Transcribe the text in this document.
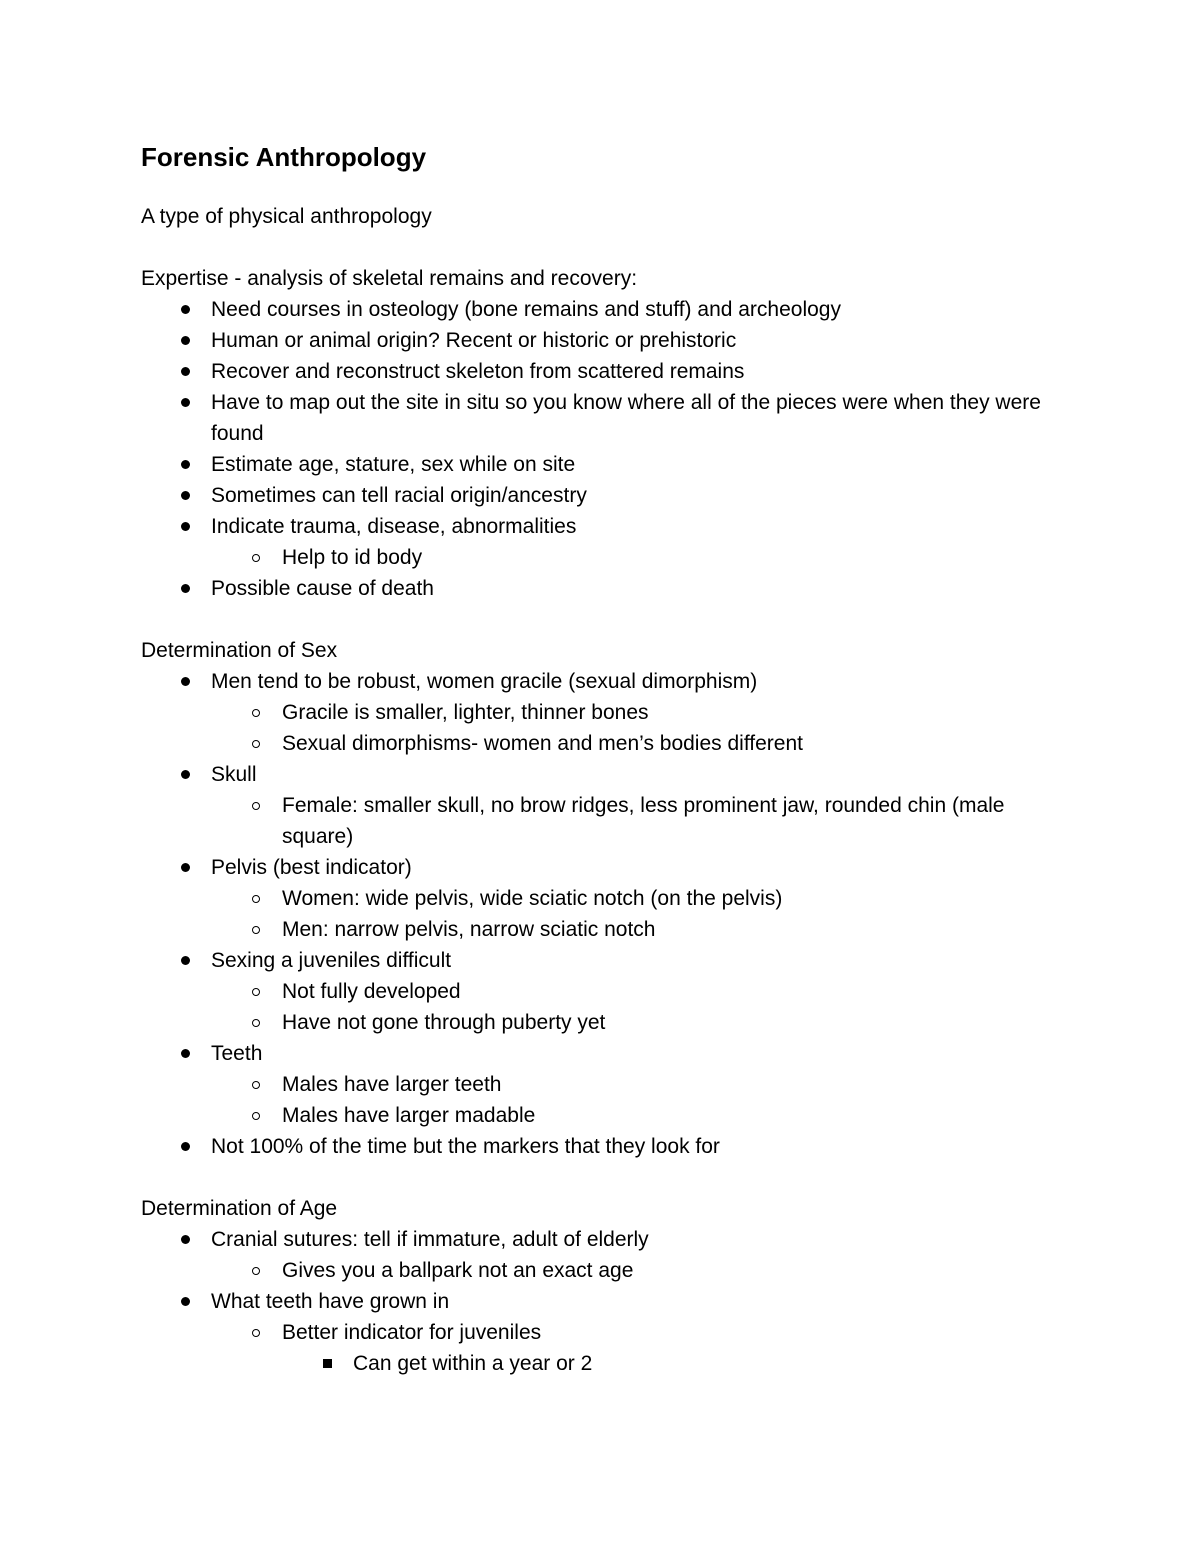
Forensic Anthropology

A type of physical anthropology

Expertise - analysis of skeletal remains and recovery:

Need courses in osteology (bone remains and stuff) and archeology
Human or animal origin? Recent or historic or prehistoric
Recover and reconstruct skeleton from scattered remains
Have to map out the site in situ so you know where all of the pieces were when they were found
Estimate age, stature, sex while on site
Sometimes can tell racial origin/ancestry
Indicate trauma, disease, abnormalities
Help to id body
Possible cause of death

Determination of Sex

Men tend to be robust, women gracile (sexual dimorphism)
Gracile is smaller, lighter, thinner bones
Sexual dimorphisms- women and men’s bodies different
Skull
Female: smaller skull, no brow ridges, less prominent jaw, rounded chin (male square)
Pelvis (best indicator)
Women: wide pelvis, wide sciatic notch (on the pelvis)
Men: narrow pelvis, narrow sciatic notch
Sexing a juveniles difficult
Not fully developed
Have not gone through puberty yet
Teeth
Males have larger teeth
Males have larger madable
Not 100% of the time but the markers that they look for

Determination of Age

Cranial sutures: tell if immature, adult of elderly
Gives you a ballpark not an exact age
What teeth have grown in
Better indicator for juveniles
Can get within a year or 2
